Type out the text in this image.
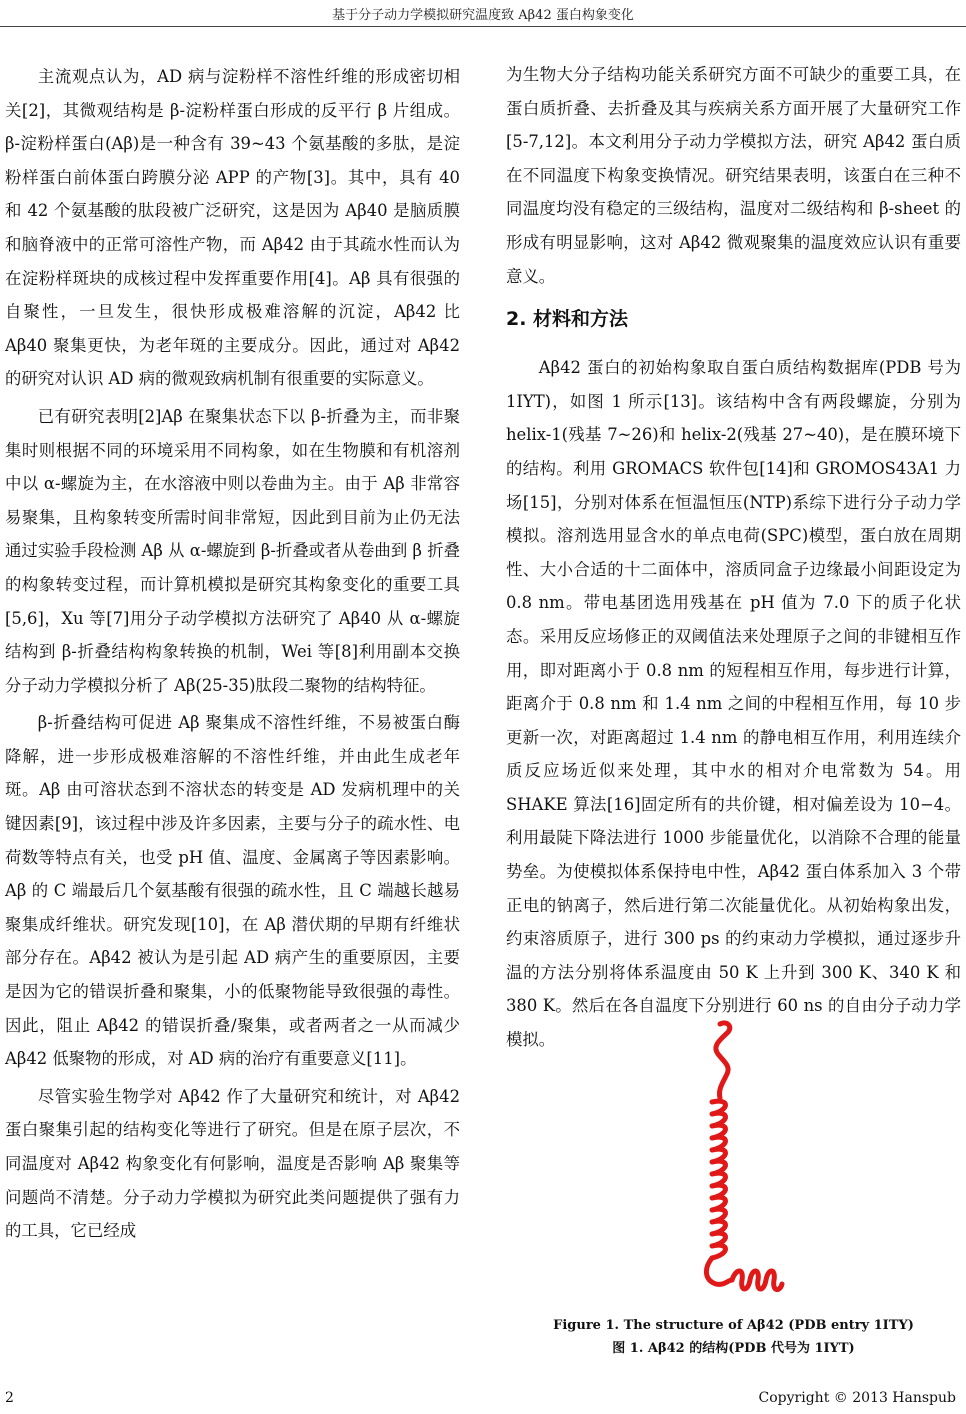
基于分子动力学模拟研究温度致 Aβ42 蛋白构象变化

主流观点认为，AD 病与淀粉样不溶性纤维的形成密切相关[2]，其微观结构是 β-淀粉样蛋白形成的反平行 β 片组成。β-淀粉样蛋白(Aβ)是一种含有 39~43 个氨基酸的多肽，是淀粉样蛋白前体蛋白跨膜分泌 APP 的产物[3]。其中，具有 40 和 42 个氨基酸的肽段被广泛研究，这是因为 Aβ40 是脑质膜和脑脊液中的正常可溶性产物，而 Aβ42 由于其疏水性而认为在淀粉样斑块的成核过程中发挥重要作用[4]。Aβ 具有很强的自聚性，一旦发生，很快形成极难溶解的沉淀，Aβ42 比 Aβ40 聚集更快，为老年斑的主要成分。因此，通过对 Aβ42 的研究对认识 AD 病的微观致病机制有很重要的实际意义。

已有研究表明[2]Aβ 在聚集状态下以 β-折叠为主，而非聚集时则根据不同的环境采用不同构象，如在生物膜和有机溶剂中以 α-螺旋为主，在水溶液中则以卷曲为主。由于 Aβ 非常容易聚集，且构象转变所需时间非常短，因此到目前为止仍无法通过实验手段检测 Aβ 从 α-螺旋到 β-折叠或者从卷曲到 β 折叠的构象转变过程，而计算机模拟是研究其构象变化的重要工具[5,6]，Xu 等[7]用分子动学模拟方法研究了 Aβ40 从 α-螺旋结构到 β-折叠结构构象转换的机制，Wei 等[8]利用副本交换分子动力学模拟分析了 Aβ(25-35)肽段二聚物的结构特征。

β-折叠结构可促进 Aβ 聚集成不溶性纤维，不易被蛋白酶降解，进一步形成极难溶解的不溶性纤维，并由此生成老年斑。Aβ 由可溶状态到不溶状态的转变是 AD 发病机理中的关键因素[9]，该过程中涉及许多因素，主要与分子的疏水性、电荷数等特点有关，也受 pH 值、温度、金属离子等因素影响。Aβ 的 C 端最后几个氨基酸有很强的疏水性，且 C 端越长越易聚集成纤维状。研究发现[10]，在 Aβ 潜伏期的早期有纤维状部分存在。Aβ42 被认为是引起 AD 病产生的重要原因，主要是因为它的错误折叠和聚集，小的低聚物能导致很强的毒性。因此，阻止 Aβ42 的错误折叠/聚集，或者两者之一从而减少 Aβ42 低聚物的形成，对 AD 病的治疗有重要意义[11]。

尽管实验生物学对 Aβ42 作了大量研究和统计，对 Aβ42 蛋白聚集引起的结构变化等进行了研究。但是在原子层次，不同温度对 Aβ42 构象变化有何影响，温度是否影响 Aβ 聚集等问题尚不清楚。分子动力学模拟为研究此类问题提供了强有力的工具，它已经成

为生物大分子结构功能关系研究方面不可缺少的重要工具，在蛋白质折叠、去折叠及其与疾病关系方面开展了大量研究工作[5-7,12]。本文利用分子动力学模拟方法，研究 Aβ42 蛋白质在不同温度下构象变换情况。研究结果表明，该蛋白在三种不同温度均没有稳定的三级结构，温度对二级结构和 β-sheet 的形成有明显影响，这对 Aβ42 微观聚集的温度效应认识有重要意义。

2. 材料和方法

Aβ42 蛋白的初始构象取自蛋白质结构数据库(PDB 号为 1IYT)，如图 1 所示[13]。该结构中含有两段螺旋，分别为 helix-1(残基 7~26)和 helix-2(残基 27~40)，是在膜环境下的结构。利用 GROMACS 软件包[14]和 GROMOS43A1 力场[15]，分别对体系在恒温恒压(NTP)系综下进行分子动力学模拟。溶剂选用显含水的单点电荷(SPC)模型，蛋白放在周期性、大小合适的十二面体中，溶质同盒子边缘最小间距设定为 0.8 nm。带电基团选用残基在 pH 值为 7.0 下的质子化状态。采用反应场修正的双阈值法来处理原子之间的非键相互作用，即对距离小于 0.8 nm 的短程相互作用，每步进行计算，距离介于 0.8 nm 和 1.4 nm 之间的中程相互作用，每 10 步更新一次，对距离超过 1.4 nm 的静电相互作用，利用连续介质反应场近似来处理，其中水的相对介电常数为 54。用 SHAKE 算法[16]固定所有的共价键，相对偏差设为 10−4。利用最陡下降法进行 1000 步能量优化，以消除不合理的能量势垒。为使模拟体系保持电中性，Aβ42 蛋白体系加入 3 个带正电的钠离子，然后进行第二次能量优化。从初始构象出发，约束溶质原子，进行 300 ps 的约束动力学模拟，通过逐步升温的方法分别将体系温度由 50 K 上升到 300 K、340 K 和 380 K。然后在各自温度下分别进行 60 ns 的自由分子动力学模拟。

Figure 1. The structure of Aβ42 (PDB entry 1ITY)
图 1. Aβ42 的结构(PDB 代号为 1IYT)
2	Copyright © 2013 Hanspub
